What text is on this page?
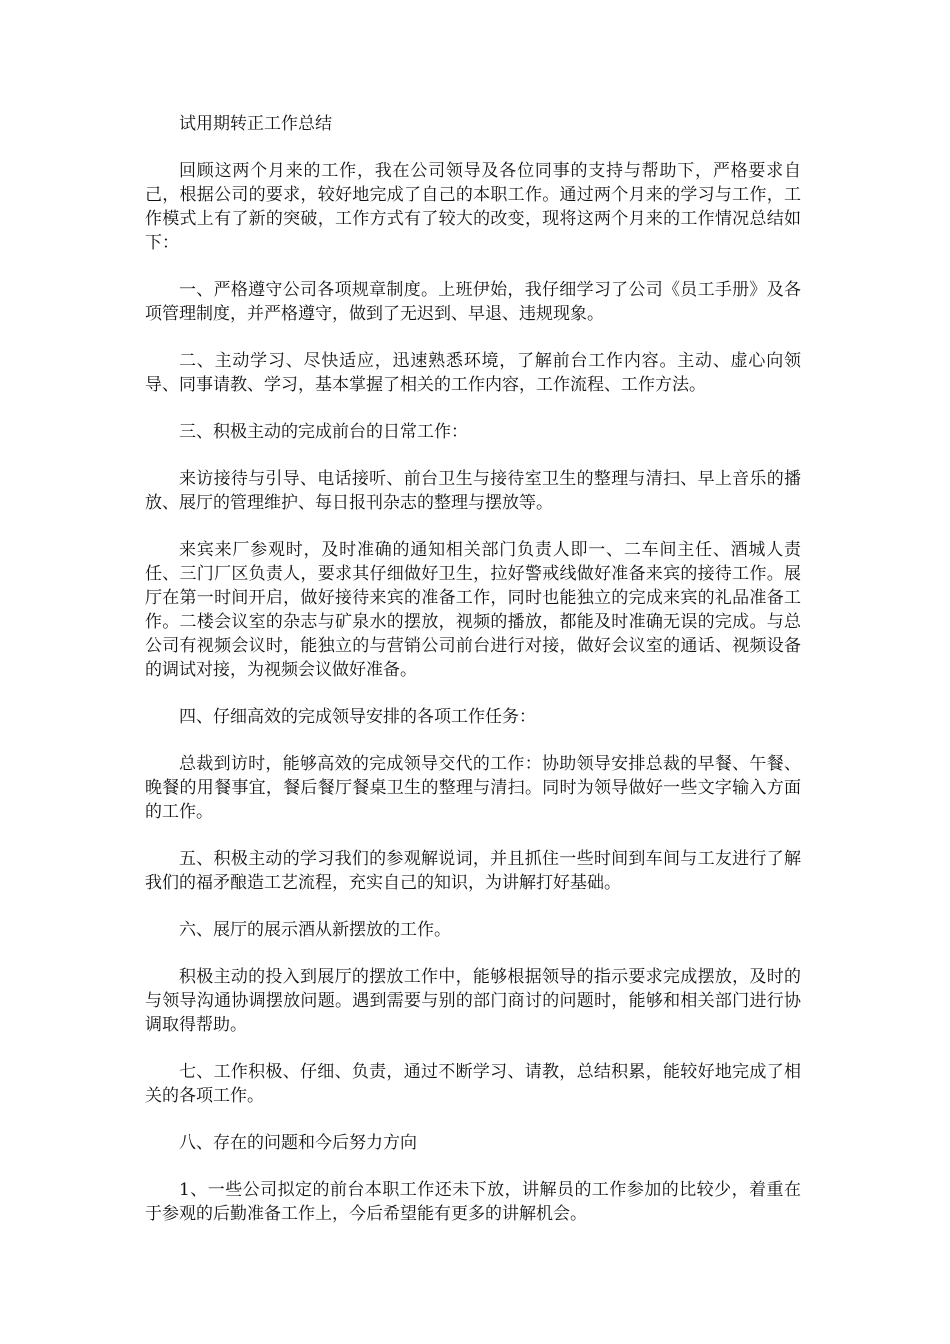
试用期转正工作总结

回顾这两个月来的工作，我在公司领导及各位同事的支持与帮助下，严格要求自己，根据公司的要求，较好地完成了自己的本职工作。通过两个月来的学习与工作，工作模式上有了新的突破，工作方式有了较大的改变，现将这两个月来的工作情况总结如下：

一、严格遵守公司各项规章制度。上班伊始，我仔细学习了公司《员工手册》及各项管理制度，并严格遵守，做到了无迟到、早退、违规现象。

二、主动学习、尽快适应，迅速熟悉环境，了解前台工作内容。主动、虚心向领导、同事请教、学习，基本掌握了相关的工作内容，工作流程、工作方法。

三、积极主动的完成前台的日常工作：

来访接待与引导、电话接听、前台卫生与接待室卫生的整理与清扫、早上音乐的播放、展厅的管理维护、每日报刊杂志的整理与摆放等。

来宾来厂参观时，及时准确的通知相关部门负责人即一、二车间主任、酒城人责任、三门厂区负责人，要求其仔细做好卫生，拉好警戒线做好准备来宾的接待工作。展厅在第一时间开启，做好接待来宾的准备工作，同时也能独立的完成来宾的礼品准备工作。二楼会议室的杂志与矿泉水的摆放，视频的播放，都能及时准确无误的完成。与总公司有视频会议时，能独立的与营销公司前台进行对接，做好会议室的通话、视频设备的调试对接，为视频会议做好准备。

四、仔细高效的完成领导安排的各项工作任务：

总裁到访时，能够高效的完成领导交代的工作：协助领导安排总裁的早餐、午餐、晚餐的用餐事宜，餐后餐厅餐桌卫生的整理与清扫。同时为领导做好一些文字输入方面的工作。

五、积极主动的学习我们的参观解说词，并且抓住一些时间到车间与工友进行了解我们的福矛酿造工艺流程，充实自己的知识，为讲解打好基础。

六、展厅的展示酒从新摆放的工作。

积极主动的投入到展厅的摆放工作中，能够根据领导的指示要求完成摆放，及时的与领导沟通协调摆放问题。遇到需要与别的部门商讨的问题时，能够和相关部门进行协调取得帮助。

七、工作积极、仔细、负责，通过不断学习、请教，总结积累，能较好地完成了相关的各项工作。

八、存在的问题和今后努力方向

1、一些公司拟定的前台本职工作还未下放，讲解员的工作参加的比较少，着重在于参观的后勤准备工作上，今后希望能有更多的讲解机会。
